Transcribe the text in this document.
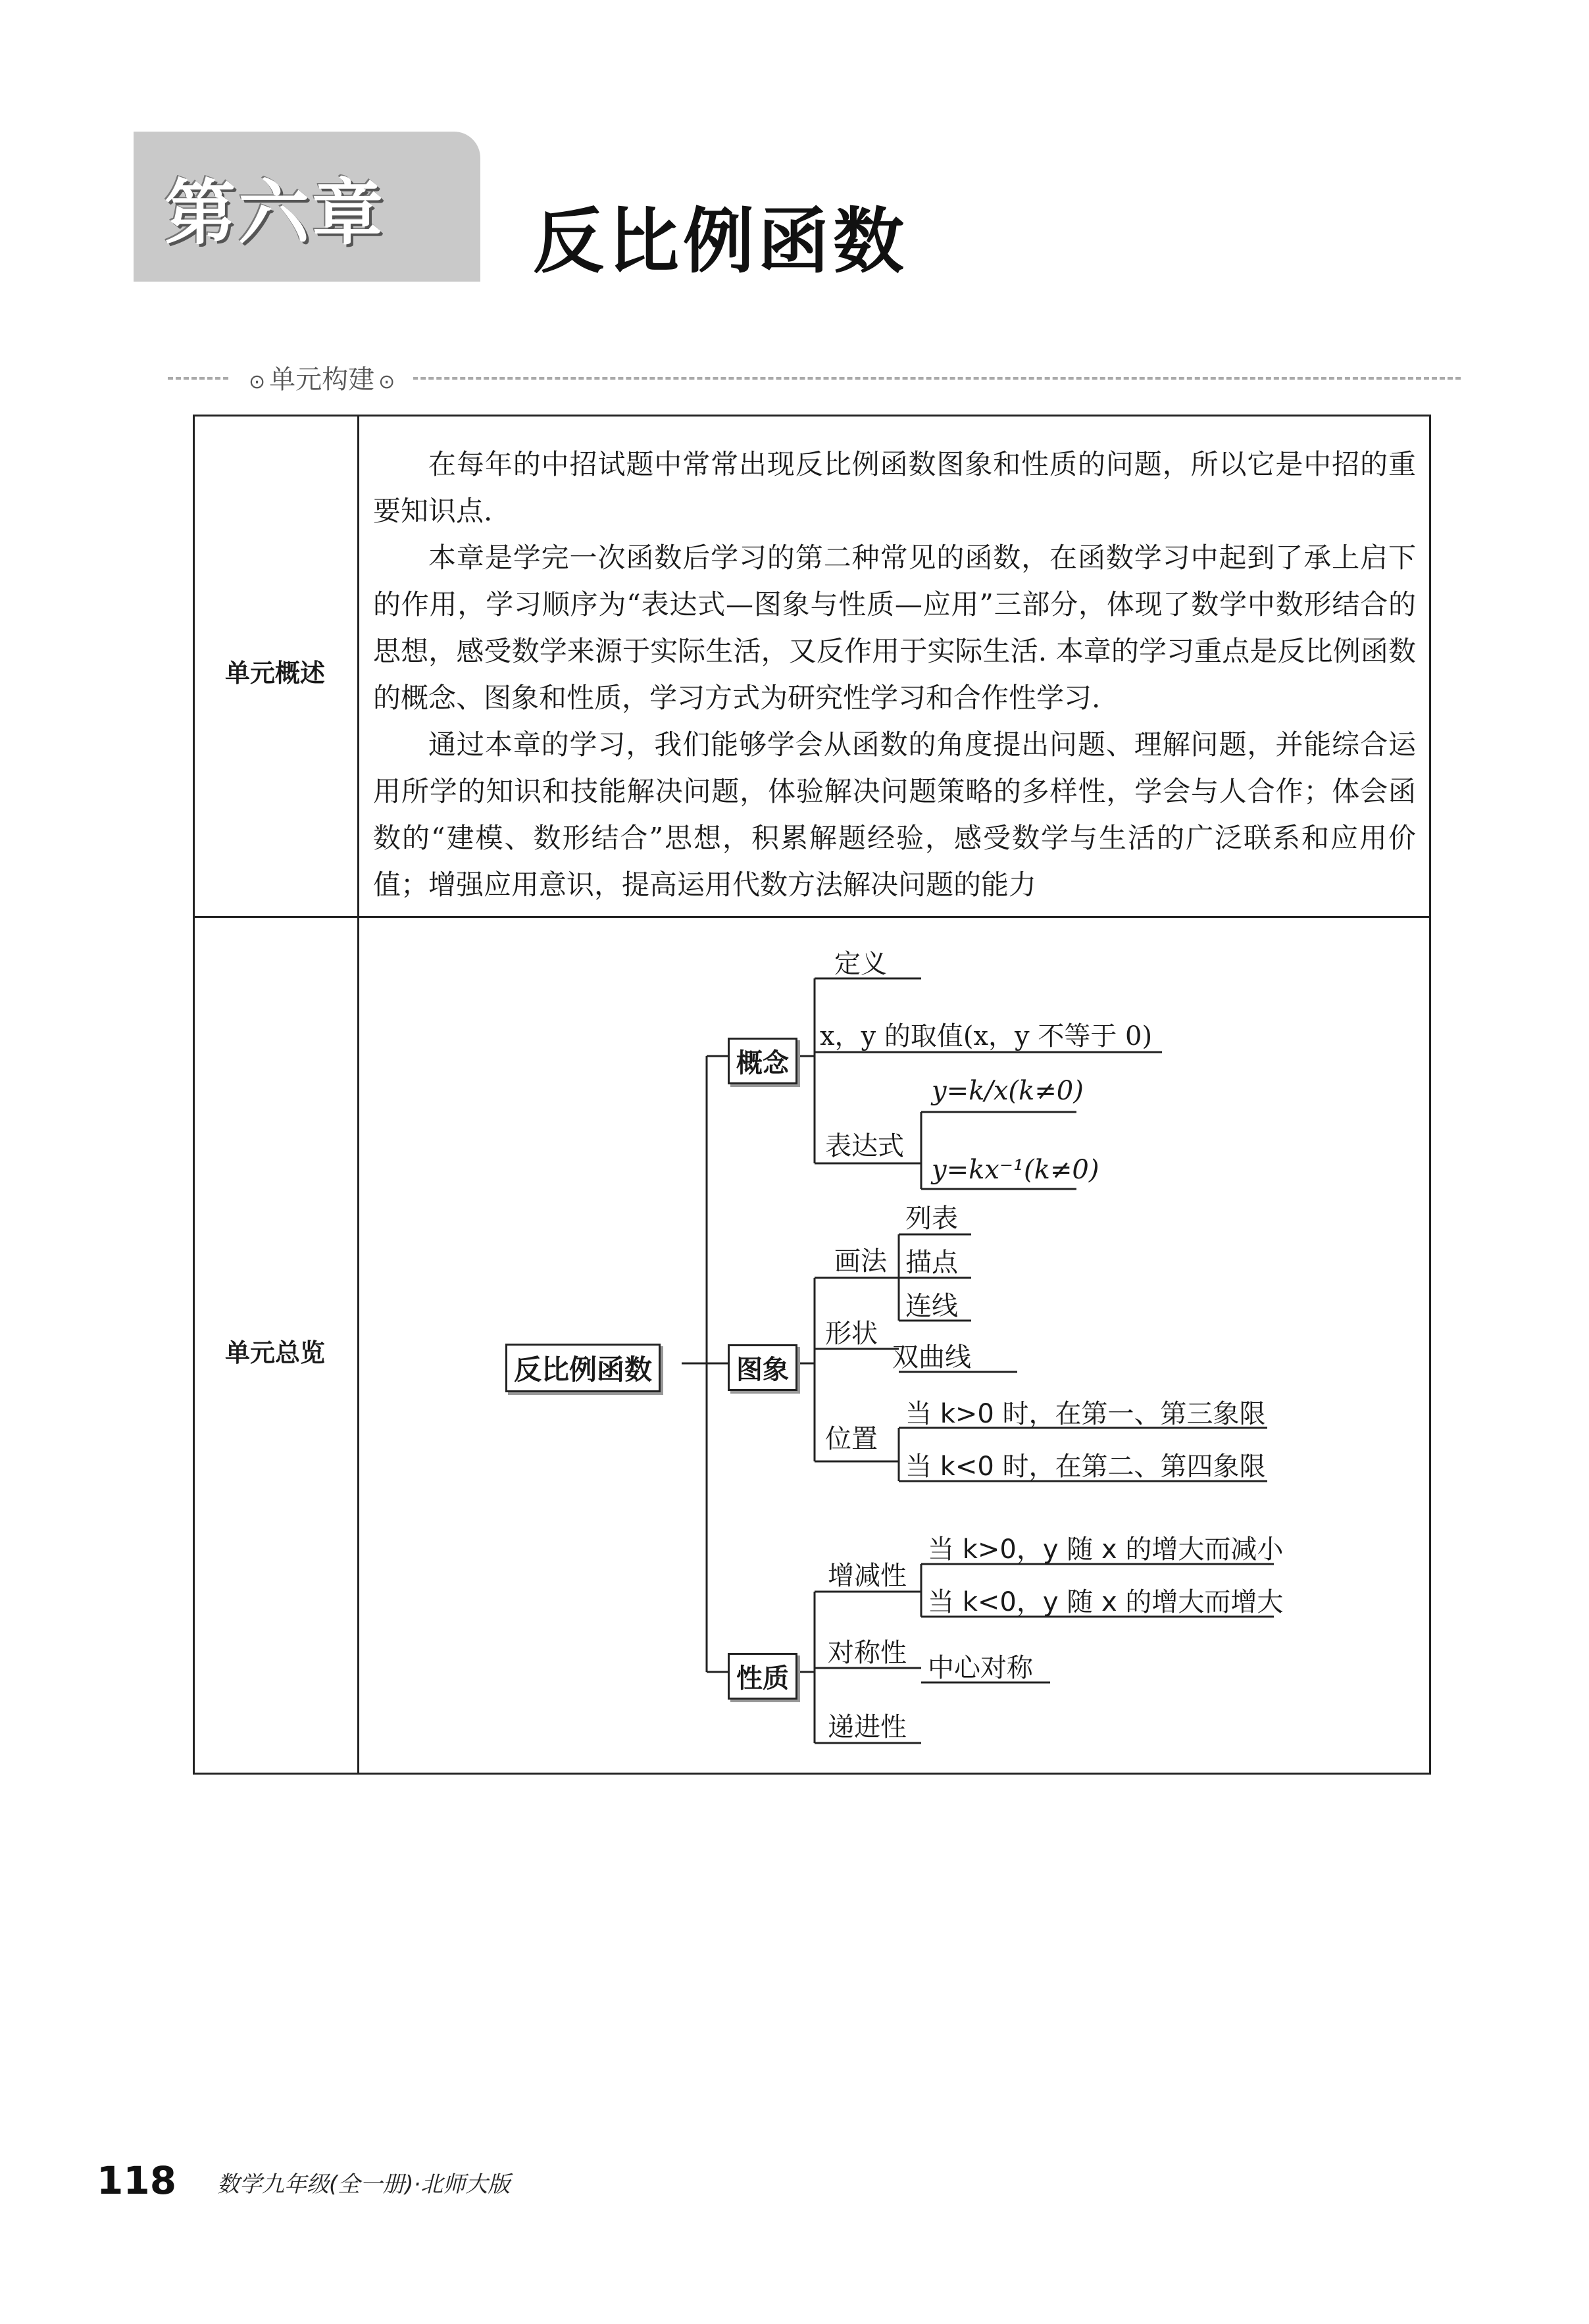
第六章	反比例函数
⊙ 单元构建 ⊙
单元概述
单元总览

在每年的中招试题中常常出现反比例函数图象和性质的问题，所以它是中招的重要知识点.

本章是学完一次函数后学习的第二种常见的函数，在函数学习中起到了承上启下的作用，学习顺序为“表达式—图象与性质—应用”三部分，体现了数学中数形结合的思想，感受数学来源于实际生活，又反作用于实际生活. 本章的学习重点是反比例函数的概念、图象和性质，学习方式为研究性学习和合作性学习.

通过本章的学习，我们能够学会从函数的角度提出问题、理解问题，并能综合运用所学的知识和技能解决问题，体验解决问题策略的多样性，学会与人合作；体会函数的“建模、数形结合”思想，积累解题经验，感受数学与生活的广泛联系和应用价值；增强应用意识，提高运用代数方法解决问题的能力

反比例函数
概念
定义
x，y 的取值(x，y 不等于 0)
表达式
y=k/x(k≠0)
y=kx⁻¹(k≠0)
图象
画法
列表
描点
连线
形状
双曲线
位置
当 k>0 时，在第一、第三象限
当 k<0 时，在第二、第四象限
性质
增减性
当 k>0，y 随 x 的增大而减小
当 k<0，y 随 x 的增大而增大
对称性 中心对称
递进性
118 数学九年级(全一册)·北师大版
